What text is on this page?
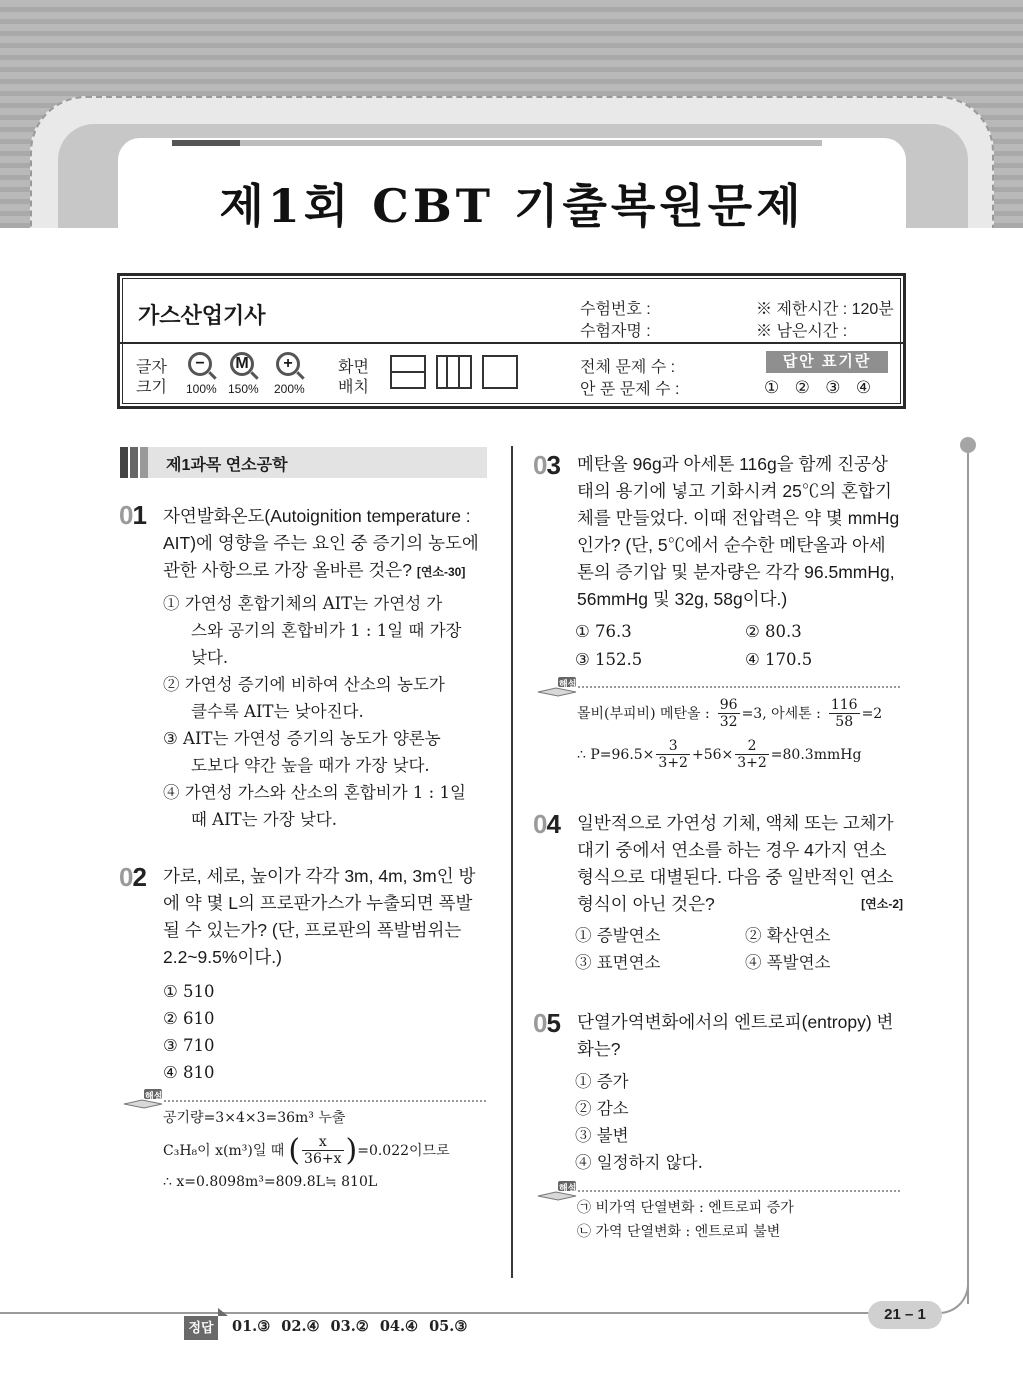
제1회 CBT 기출복원문제
가스산업기사	수험번호 :
수험자명 :
※ 제한시간 : 120분
※ 남은시간 :
글자
크기
−
100%
M
150%
+
200%
화면
배치
전체 문제 수 :
안 푼 문제 수 :
답안 표기란
① ② ③ ④
제1과목 연소공학
01 자연발화온도(Autoignition temperature :
AIT)에 영향을 주는 요인 중 증기의 농도에
관한 사항으로 가장 올바른 것은? [연소-30]
① 가연성 혼합기체의 AIT는 가연성 가
스와 공기의 혼합비가 1 : 1일 때 가장
낮다.
② 가연성 증기에 비하여 산소의 농도가
클수록 AIT는 낮아진다.
③ AIT는 가연성 증기의 농도가 양론농
도보다 약간 높을 때가 가장 낮다.
④ 가연성 가스와 산소의 혼합비가 1 : 1일
때 AIT는 가장 낮다.
02 가로, 세로, 높이가 각각 3m, 4m, 3m인 방
에 약 몇 L의 프로판가스가 누출되면 폭발
될 수 있는가? (단, 프로판의 폭발범위는
2.2~9.5%이다.)
① 510
② 610
③ 710
④ 810
해설
공기량=3×4×3=36m³ 누출
C₃H₈이 x(m³)일 때 ( $\frac{x}{36+x}$ ) =0.022이므로
∴ x=0.8098m³=809.8L≒ 810L
03 메탄올 96g과 아세톤 116g을 함께 진공상
태의 용기에 넣고 기화시켜 25℃의 혼합기
체를 만들었다. 이때 전압력은 약 몇 mmHg
인가? (단, 5℃에서 순수한 메탄올과 아세
톤의 증기압 및 분자량은 각각 96.5mmHg,
56mmHg 및 32g, 58g이다.)
① 76.3	② 80.3
③ 152.5	④ 170.5
해설
몰비(부피비) 메탄올 : $\frac{96}{32} =3$, 아세톤 : $\frac{116}{58} =2$
∴ $P=96.5\times \frac{3}{3+2} +56\times \frac{2}{3+2}$ =80.3mmHg
04 일반적으로 가연성 기체, 액체 또는 고체가
대기 중에서 연소를 하는 경우 4가지 연소
형식으로 대별된다. 다음 중 일반적인 연소
형식이 아닌 것은?	[연소-2]
① 증발연소	② 확산연소
③ 표면연소	④ 폭발연소
05 단열가역변화에서의 엔트로피(entropy) 변
화는?
① 증가
② 감소
③ 불변
④ 일정하지 않다.
해설
㉠ 비가역 단열변화 : 엔트로피 증가
㉡ 가역 단열변화 : 엔트로피 불변
정답	01.③ 02.④ 03.② 04.④ 05.③
21 – 1
